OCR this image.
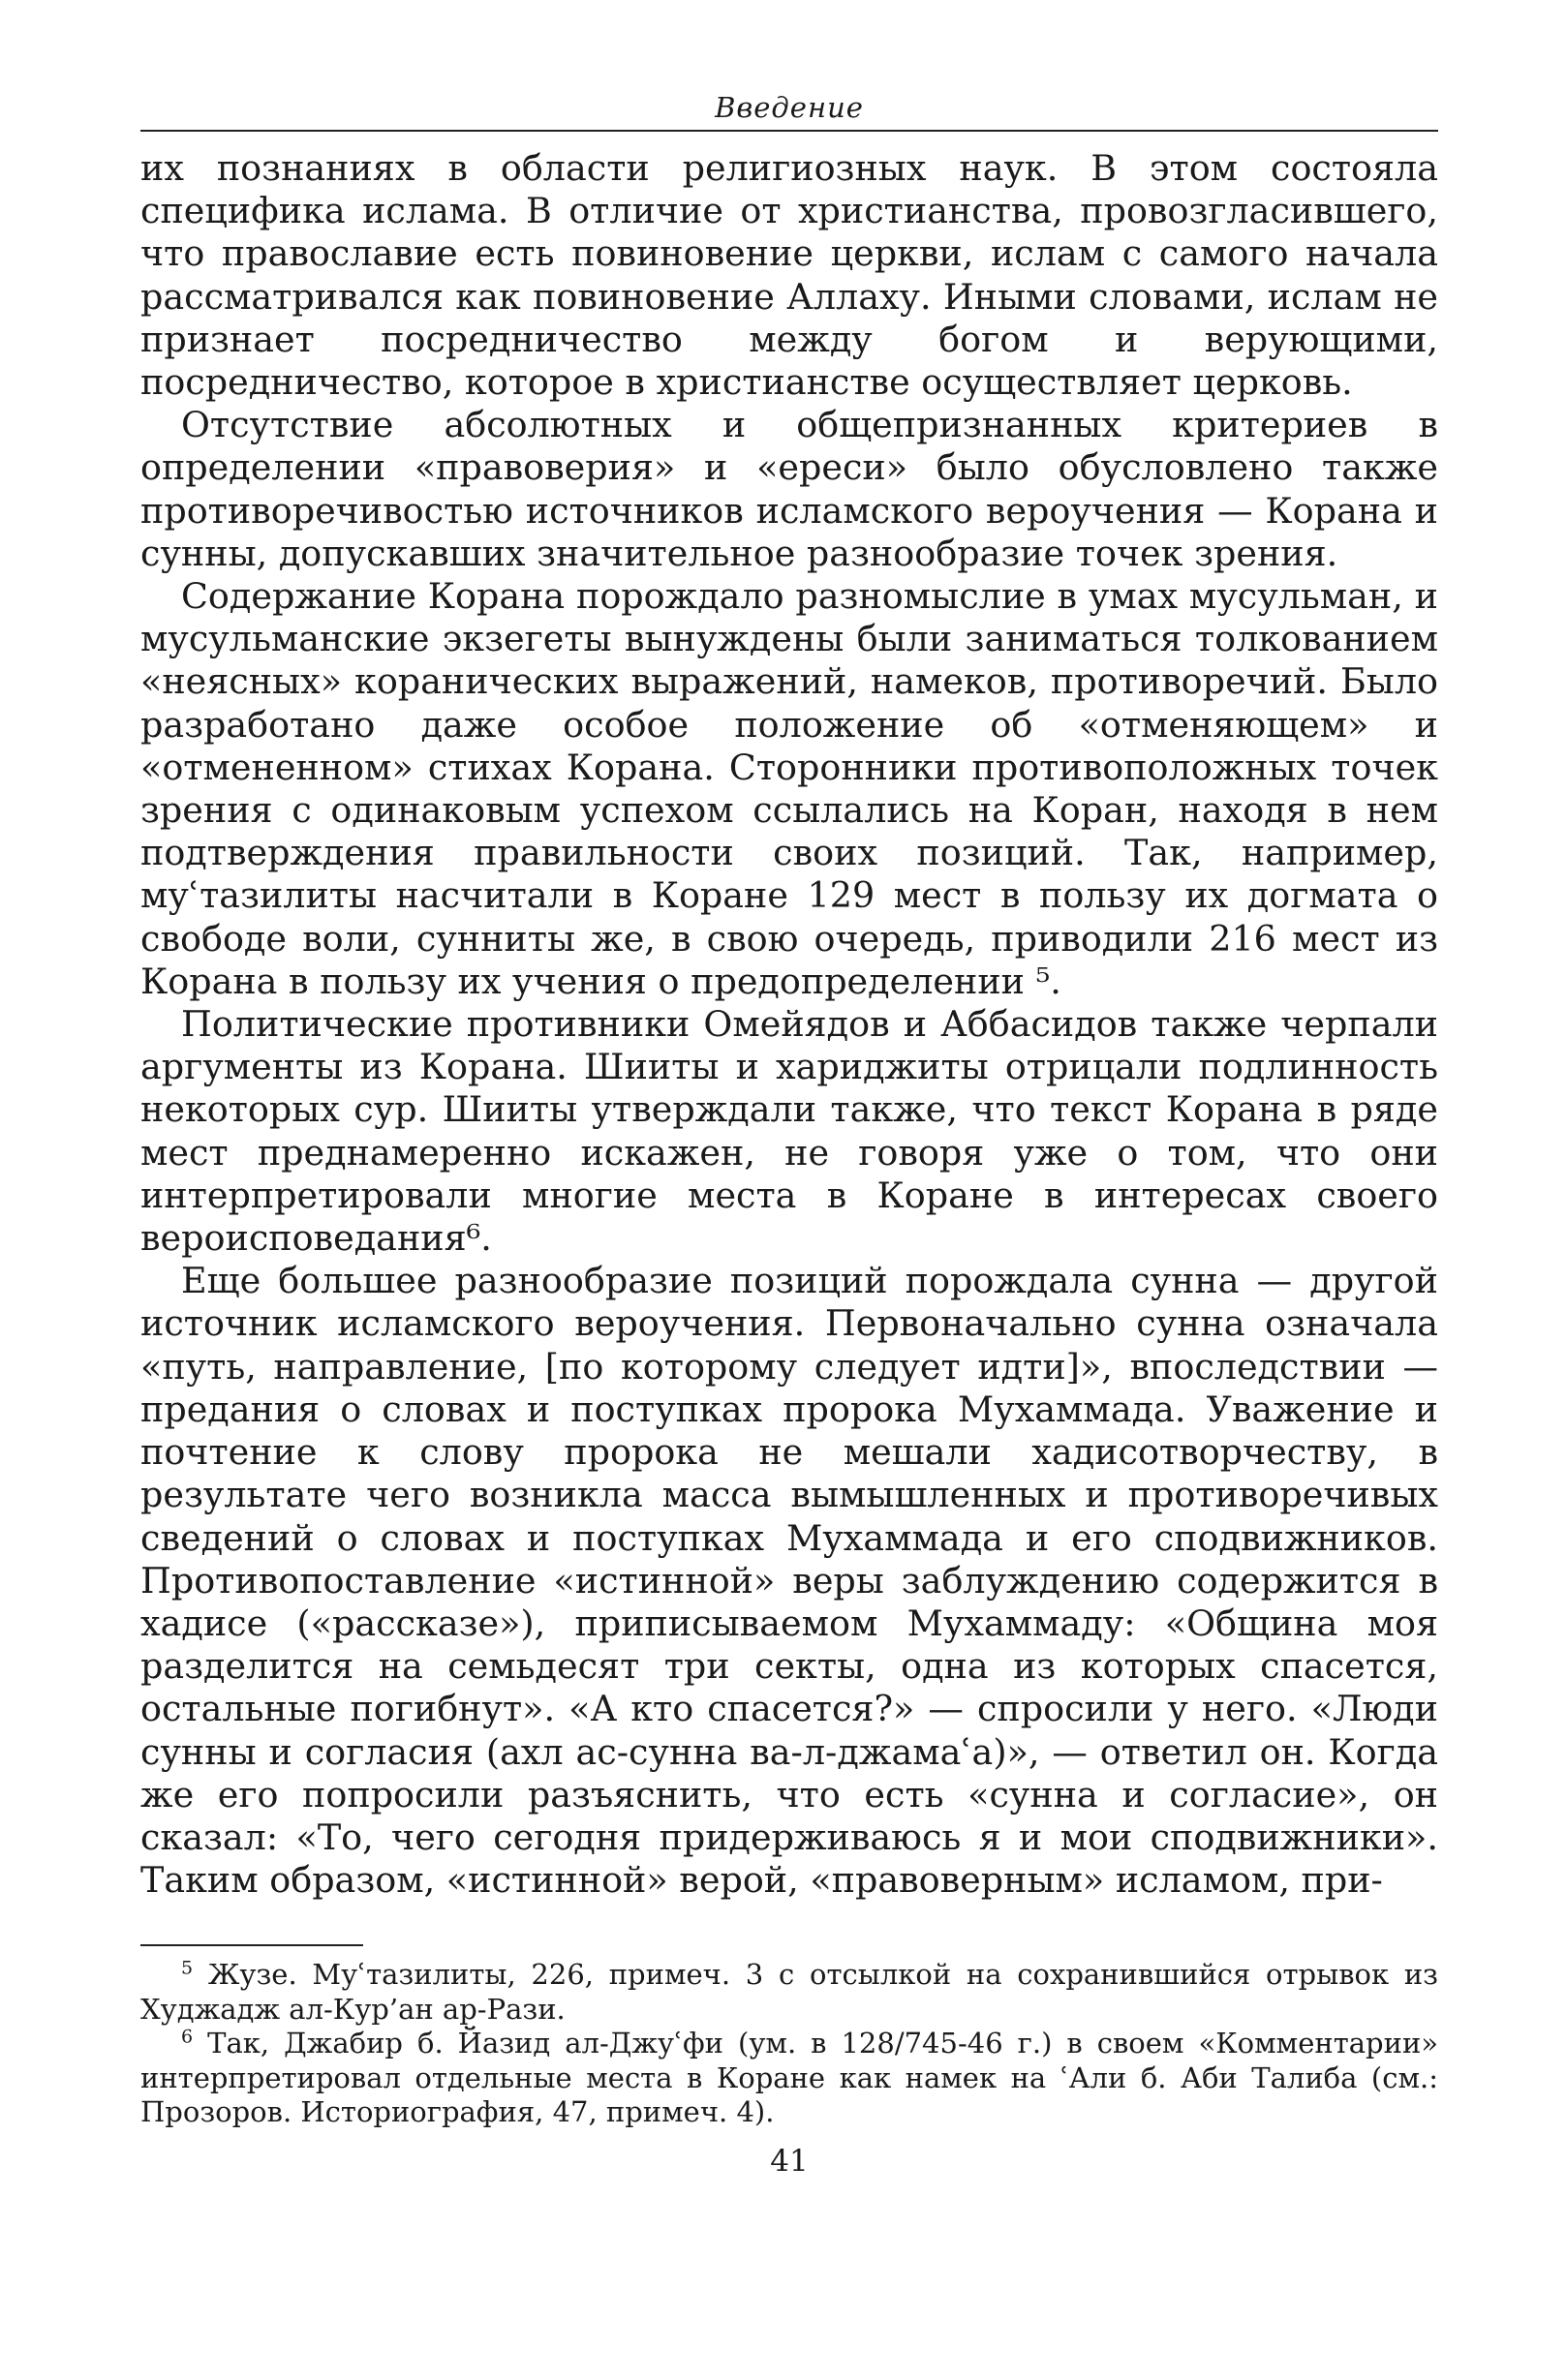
Введение

их познаниях в области религиозных наук. В этом состояла специфика ислама. В отличие от христианства, провозгласившего, что православие есть повиновение церкви, ислам с самого начала рассматривался как повиновение Аллаху. Иными словами, ислам не признает посредничество между богом и верующими, посредничество, которое в христианстве осуществляет церковь.

Отсутствие абсолютных и общепризнанных критериев в определении «правоверия» и «ереси» было обусловлено также противоречивостью источников исламского вероучения — Корана и сунны, допускавших значительное разнообразие точек зрения.

Содержание Корана порождало разномыслие в умах мусульман, и мусульманские экзегеты вынуждены были заниматься толкованием «неясных» коранических выражений, намеков, противоречий. Было разработано даже особое положение об «отменяющем» и «отмененном» стихах Корана. Сторонники противоположных точек зрения с одинаковым успехом ссылались на Коран, находя в нем подтверждения правильности своих позиций. Так, например, муʿтазилиты насчитали в Коране 129 мест в пользу их догмата о свободе воли, сунниты же, в свою очередь, приводили 216 мест из Корана в пользу их учения о предопределении ⁵.

Политические противники Омейядов и Аббасидов также черпали аргументы из Корана. Шииты и хариджиты отрицали подлинность некоторых сур. Шииты утверждали также, что текст Корана в ряде мест преднамеренно искажен, не говоря уже о том, что они интерпретировали многие места в Коране в интересах своего вероисповедания⁶.

Еще большее разнообразие позиций порождала сунна — другой источник исламского вероучения. Первоначально сунна означала «путь, направление, [по которому следует идти]», впоследствии — предания о словах и поступках пророка Мухаммада. Уважение и почтение к слову пророка не мешали хадисотворчеству, в результате чего возникла масса вымышленных и противоречивых сведений о словах и поступках Мухаммада и его сподвижников. Противопоставление «истинной» веры заблуждению содержится в хадисе («рассказе»), приписываемом Мухаммаду: «Община моя разделится на семьдесят три секты, одна из которых спасется, остальные погибнут». «А кто спасется?» — спросили у него. «Люди сунны и согласия (ахл ас-сунна ва-л-джамаʿа)», — ответил он. Когда же его попросили разъяснить, что есть «сунна и согласие», он сказал: «То, чего сегодня придерживаюсь я и мои сподвижники». Таким образом, «истинной» верой, «правоверным» исламом, при-

$^5$ Жузе. Муʿтазилиты, 226, примеч. 3 с отсылкой на сохранившийся отрывок из Худжадж ал-Кур’ан ар-Рази.

$^6$ Так, Джабир б. Йазид ал-Джуʿфи (ум. в 128/745-46 г.) в своем «Комментарии» интерпретировал отдельные места в Коране как намек на ʿАли б. Аби Талиба (см.: Прозоров. Историография, 47, примеч. 4).

41
